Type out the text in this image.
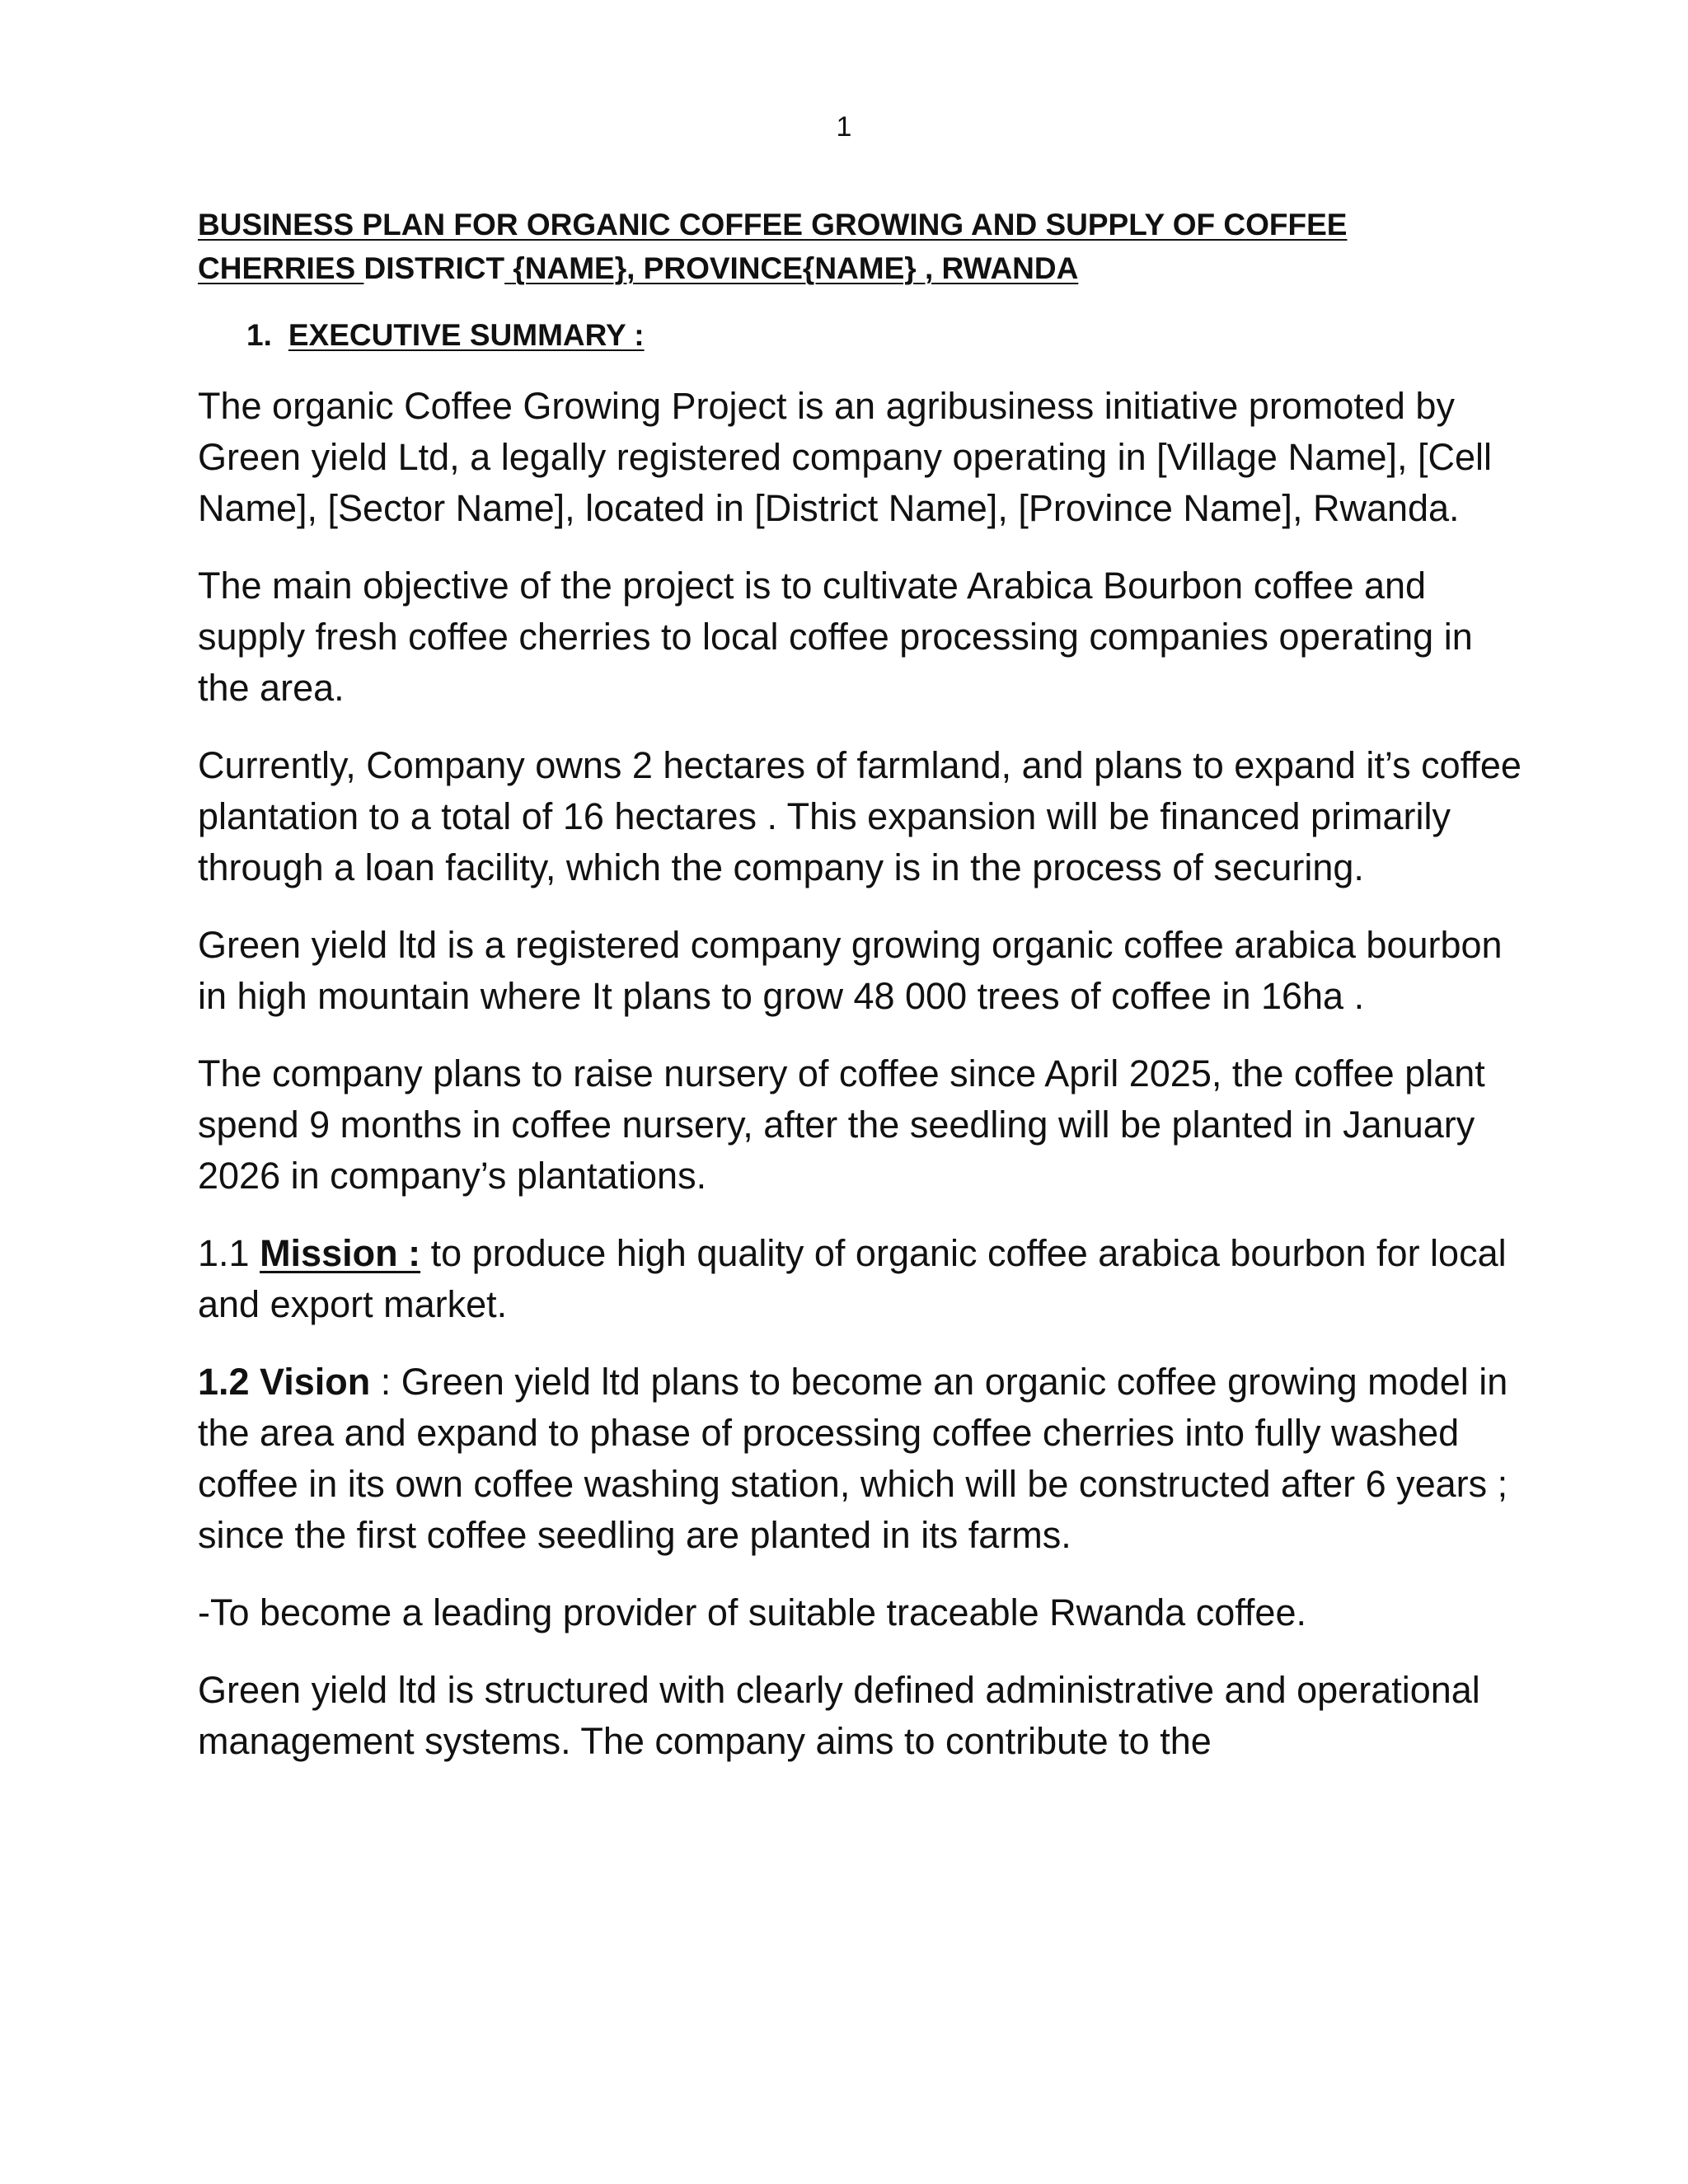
1
BUSINESS PLAN FOR ORGANIC COFFEE GROWING AND SUPPLY OF COFFEE
CHERRIES DISTRICT {NAME}, PROVINCE{NAME} , RWANDA
1. EXECUTIVE SUMMARY :

The organic Coffee Growing Project is an agribusiness initiative promoted by Green yield Ltd, a legally registered company operating in [Village Name], [Cell Name], [Sector Name], located in [District Name], [Province Name], Rwanda.

The main objective of the project is to cultivate Arabica Bourbon coffee and supply fresh coffee cherries to local coffee processing companies operating in the area.

Currently, Company owns 2 hectares of farmland, and plans to expand it’s coffee plantation to a total of 16 hectares . This expansion will be financed primarily through a loan facility, which the company is in the process of securing.

Green yield ltd is a registered company growing organic coffee arabica bourbon in high mountain where It plans to grow 48 000 trees of coffee in 16ha .

The company plans to raise nursery of coffee since April 2025, the coffee plant spend 9 months in coffee nursery, after the seedling will be planted in January 2026 in company’s plantations.

1.1 Mission : to produce high quality of organic coffee arabica bourbon for local and export market.

1.2 Vision : Green yield ltd plans to become an organic coffee growing model in the area and expand to phase of processing coffee cherries into fully washed coffee in its own coffee washing station, which will be constructed after 6 years ; since the first coffee seedling are planted in its farms.

-To become a leading provider of suitable traceable Rwanda coffee.

Green yield ltd is structured with clearly defined administrative and operational management systems. The company aims to contribute to the
